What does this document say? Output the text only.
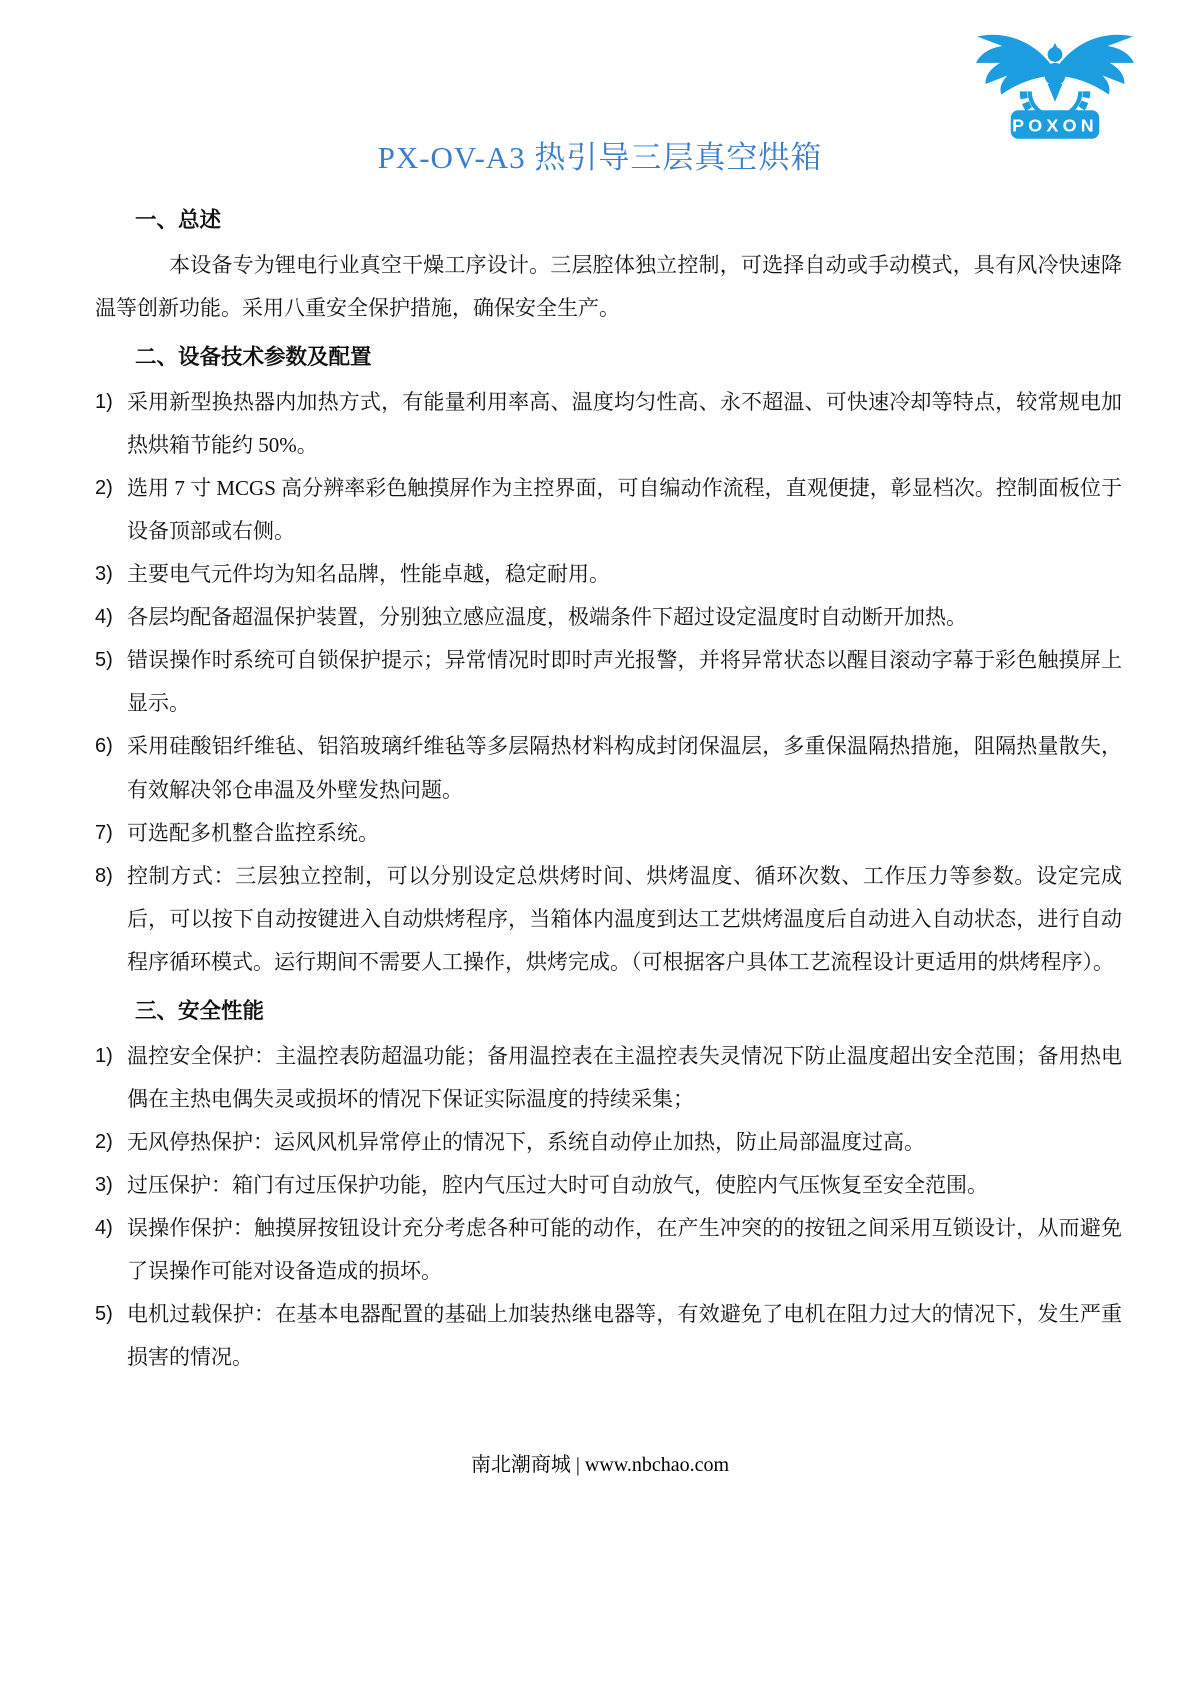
POXON
PX-OV-A3 热引导三层真空烘箱
一、总述

本设备专为锂电行业真空干燥工序设计。三层腔体独立控制，可选择自动或手动模式，具有风冷快速降温等创新功能。采用八重安全保护措施，确保安全生产。

二、设备技术参数及配置
1) 采用新型换热器内加热方式，有能量利用率高、温度均匀性高、永不超温、可快速冷却等特点，较常规电加热烘箱节能约 50%。
2) 选用 7 寸 MCGS 高分辨率彩色触摸屏作为主控界面，可自编动作流程，直观便捷，彰显档次。控制面板位于设备顶部或右侧。
3) 主要电气元件均为知名品牌，性能卓越，稳定耐用。
4) 各层均配备超温保护装置，分别独立感应温度，极端条件下超过设定温度时自动断开加热。
5) 错误操作时系统可自锁保护提示；异常情况时即时声光报警，并将异常状态以醒目滚动字幕于彩色触摸屏上显示。
6) 采用硅酸铝纤维毡、铝箔玻璃纤维毡等多层隔热材料构成封闭保温层，多重保温隔热措施，阻隔热量散失，有效解决邻仓串温及外壁发热问题。
7) 可选配多机整合监控系统。
8) 控制方式：三层独立控制，可以分别设定总烘烤时间、烘烤温度、循环次数、工作压力等参数。设定完成后，可以按下自动按键进入自动烘烤程序，当箱体内温度到达工艺烘烤温度后自动进入自动状态，进行自动程序循环模式。运行期间不需要人工操作，烘烤完成。（可根据客户具体工艺流程设计更适用的烘烤程序）。
三、安全性能
1) 温控安全保护：主温控表防超温功能；备用温控表在主温控表失灵情况下防止温度超出安全范围；备用热电偶在主热电偶失灵或损坏的情况下保证实际温度的持续采集；
2) 无风停热保护：运风风机异常停止的情况下，系统自动停止加热，防止局部温度过高。
3) 过压保护：箱门有过压保护功能，腔内气压过大时可自动放气，使腔内气压恢复至安全范围。
4) 误操作保护：触摸屏按钮设计充分考虑各种可能的动作，在产生冲突的的按钮之间采用互锁设计，从而避免了误操作可能对设备造成的损坏。
5) 电机过载保护：在基本电器配置的基础上加装热继电器等，有效避免了电机在阻力过大的情况下，发生严重损害的情况。
南北潮商城 | www.nbchao.com
